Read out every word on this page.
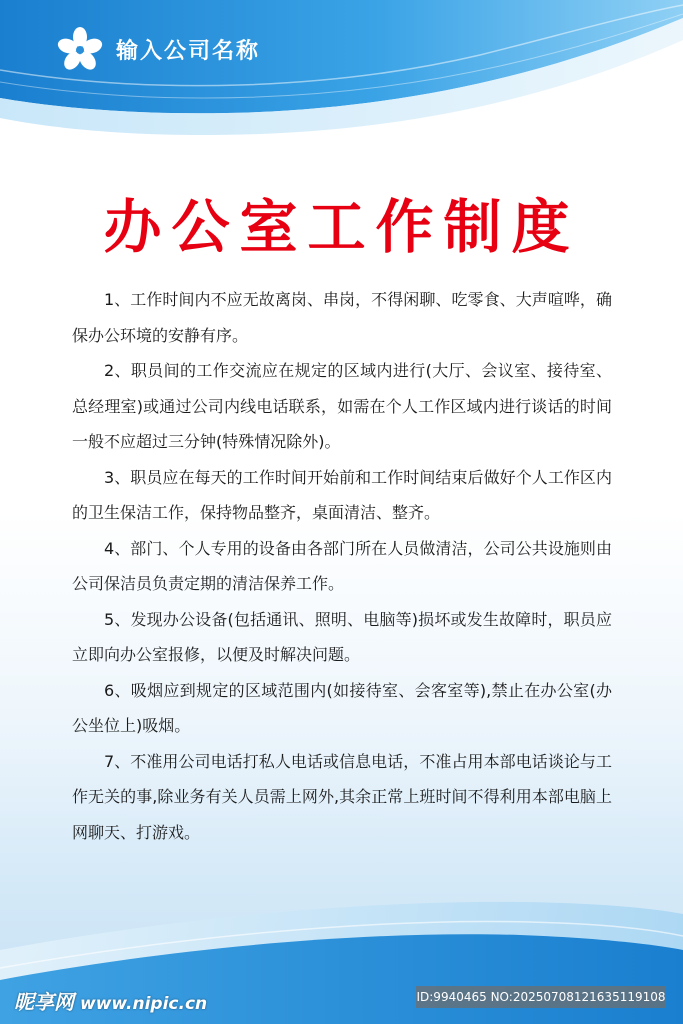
输入公司名称
办公室工作制度

1、工作时间内不应无故离岗、串岗，不得闲聊、吃零食、大声喧哗，确保办公环境的安静有序。

2、职员间的工作交流应在规定的区域内进行(大厅、会议室、接待室、总经理室)或通过公司内线电话联系，如需在个人工作区域内进行谈话的时间一般不应超过三分钟(特殊情况除外)。

3、职员应在每天的工作时间开始前和工作时间结束后做好个人工作区内的卫生保洁工作，保持物品整齐，桌面清洁、整齐。

4、部门、个人专用的设备由各部门所在人员做清洁，公司公共设施则由公司保洁员负责定期的清洁保养工作。

5、发现办公设备(包括通讯、照明、电脑等)损坏或发生故障时，职员应立即向办公室报修，以便及时解决问题。

6、吸烟应到规定的区域范围内(如接待室、会客室等),禁止在办公室(办公坐位上)吸烟。

7、不准用公司电话打私人电话或信息电话，不准占用本部电话谈论与工作无关的事,除业务有关人员需上网外,其余正常上班时间不得利用本部电脑上网聊天、打游戏。

昵享网 www.nipic.cn	ID:9940465 NO:20250708121635119108
